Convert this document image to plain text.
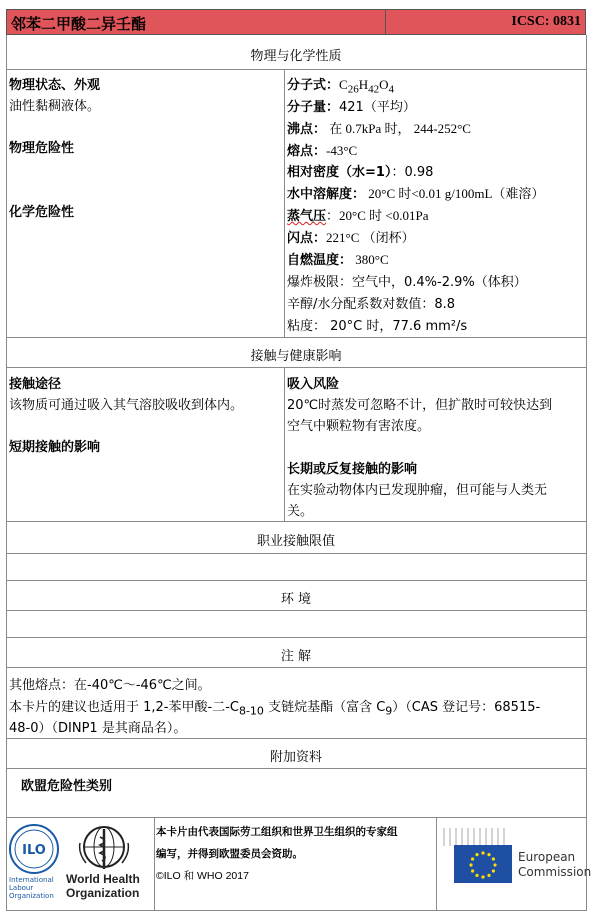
邻苯二甲酸二异壬酯	ICSC: 0831
物理与化学性质
物理状态、外观
油性黏稠液体。
物理危险性
化学危险性
分子式：$C_{26}H_{42}O_4$
分子量：421（平均）
沸点： 在 0.7kPa 时， 244-252°C
熔点：-43°C
相对密度（水=1）：0.98
水中溶解度： 20°C 时<0.01 g/100mL（难溶）
蒸气压：20°C 时 <0.01Pa
闪点：221°C （闭杯）
自燃温度： 380°C
爆炸极限：空气中，0.4%-2.9%（体积）
辛醇/水分配系数对数值：8.8
粘度： 20°C 时，77.6 mm²/s
接触与健康影响
接触途径
该物质可通过吸入其气溶胶吸收到体内。
短期接触的影响
吸入风险
20℃时蒸发可忽略不计，但扩散时可较快达到
空气中颗粒物有害浓度。
长期或反复接触的影响
在实验动物体内已发现肿瘤，但可能与人类无
关。
职业接触限值
环 境
注 解
其他熔点：在-40℃～-46℃之间。
本卡片的建议也适用于 1,2-苯甲酸-二$-C_{8-10}$ 支链烷基酯（富含 $C_9)(CAS$ 登记号：68515-
48-0）（DINP1 是其商品名）。
附加资料
欧盟危险性类别
ILO
International
Labour
Organization
World Health
Organization
本卡片由代表国际劳工组织和世界卫生组织的专家组
编写，并得到欧盟委员会资助。
©ILO 和 WHO 2017
European
Commission
